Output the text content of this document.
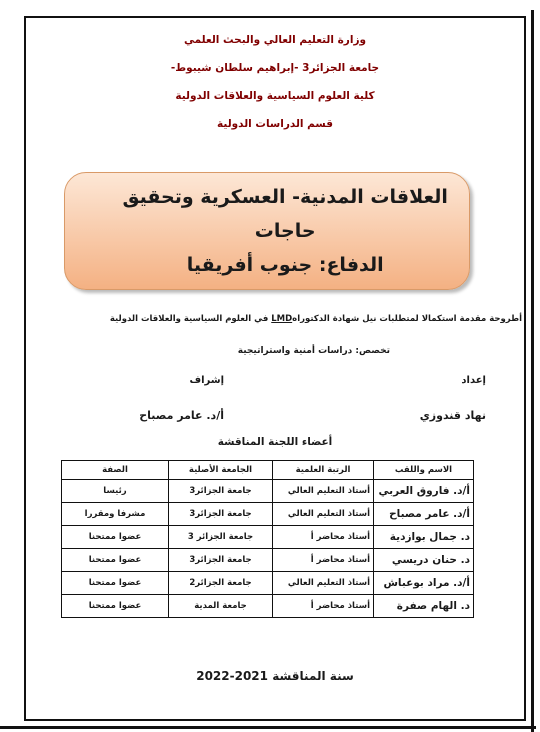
وزارة التعليم العالي والبحث العلمي
جامعة الجزائر3 -إبراهيم سلطان شيبوط-
كلية العلوم السياسية والعلاقات الدولية
قسم الدراسات الدولية
العلاقات المدنية- العسكرية وتحقيق حاجات
الدفاع: جنوب أفريقيا
أطروحة مقدمة استكمالا لمتطلبات نيل شهادة الدكتوراهLMD في العلوم السياسية والعلاقات الدولية
تخصص: دراسات أمنية واستراتيجية
إعداد
إشراف
نهاد قندوزي
أ/د. عامر مصباح
أعضاء اللجنة المناقشة
الاسم واللقب	الرتبة العلمية	الجامعة الأصلية	الصفة
أ/د. فاروق العربي	أستاذ التعليم العالي	جامعة الجزائر3	رئيسا
أ/د. عامر مصباح	أستاذ التعليم العالي	جامعة الجزائر3	مشرفا ومقررا
د. جمال بوازدية	أستاذ محاضر أ	جامعة الجزائر 3	عضوا ممتحنا
د. حنان دريسي	أستاذ محاضر أ	جامعة الجزائر3	عضوا ممتحنا
أ/د. مراد بوعباش	أستاذ التعليم العالي	جامعة الجزائر2	عضوا ممتحنا
د. الهام صفرة	أستاذ محاضر أ	جامعة المدية	عضوا ممتحنا
سنة المناقشة 2021-2022
